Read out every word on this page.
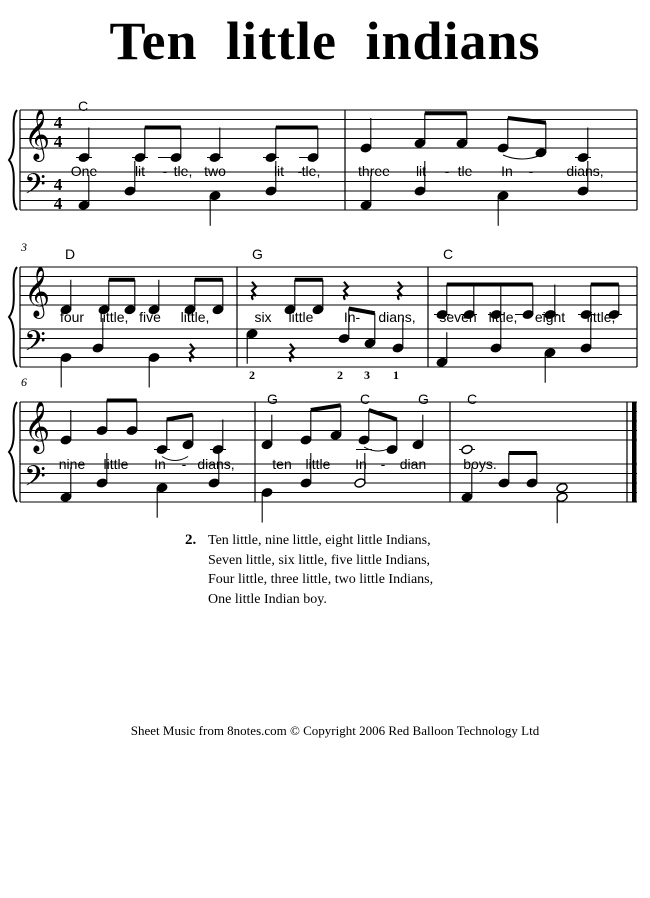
Ten little indians
𝄞
𝄢
4
4
4
4
𝄞
𝄢
𝄞
𝄢
C
One	lit - tle, two	lit - tle,	three lit - tle In - dians,
3	D	G	C
four little, five little,	six little In- dians, seven little, eight little,
2	2 3 1
6
G	C	G	C
nine little In - dians,	ten little In - dian	boys.
2. Ten little, nine little, eight little Indians,
Seven little, six little, five little Indians,
Four little, three little, two little Indians,
One little Indian boy.
Sheet Music from 8notes.com © Copyright 2006 Red Balloon Technology Ltd
